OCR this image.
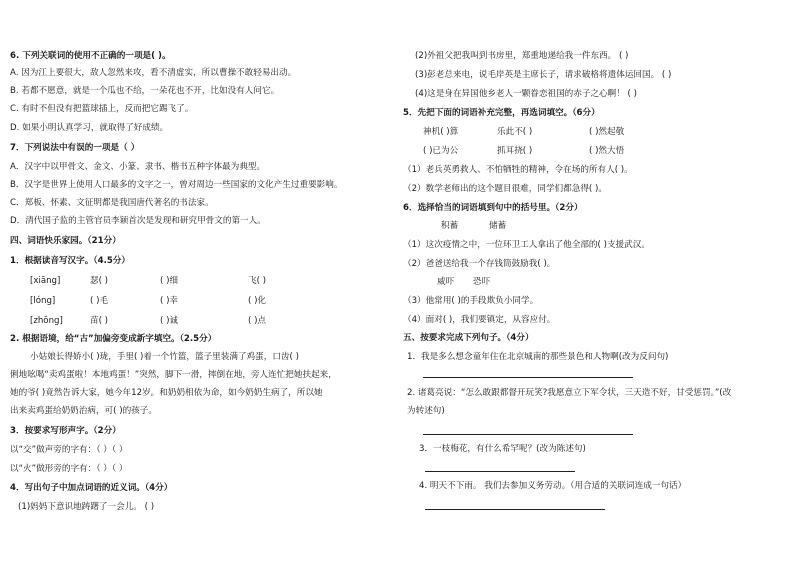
6. 下列关联词的使用不正确的一项是( )。
A. 因为江上要很大，敌人忽然来攻，看不清虚实，所以曹操不敢轻易出动。
B. 若都不愿意，就是一个瓜也不给，一朵花也不开，比如没有人问它。
C. 有时不但没有把篮球插上，反而把它踢飞了。
D. 如果小明认真学习，就取得了好成绩。
7．下列说法中有误的一项是（ ）
A．汉字中以甲骨文、金文、小篆、隶书、楷书五种字体最为典型。
B．汉字是世界上使用人口最多的文字之一，曾对周边一些国家的文化产生过重要影响。
C．郑板、怀素、文征明都是我国唐代著名的书法家。
D．清代国子监的主管官员李颖首次是发现和研究甲骨文的第一人。
四、词语快乐家园。（21分）
1．根据读音写汉字。（4.5分）
[xiāng]	瑟( )	( )细	飞( )
[lóng]	( )毛	( )幸	( )化
[zhōng]	苗( )	( )诚	( )点
2. 根据语境，给“古”加偏旁变成新字填空。（2.5分）
小姑娘长得娇小( )珑，手里( )着一个竹篮，篮子里装满了鸡蛋，口齿( )
俐地吆喝“卖鸡蛋啦！本地鸡蛋！”突然，脚下一滑，摔倒在地，旁人连忙把她扶起来，
她的爷( )竟然告诉大家，她今年12岁。和奶奶相依为命，如今奶奶生病了，所以她
出来卖鸡蛋给奶奶治病，可( )的孩子。
3．按要求写形声字。（2分）
以“交”做声旁的字有：（ ）（ ）
以“火”做形旁的字有：（ ）（ ）
4．写出句子中加点词语的近义词。（4分）
(1)妈妈下意识地踌躇了一会儿。 ( )
(2)外祖父把我叫到书房里，郑重地递给我一件东西。 ( )
(3)彭老总来电，说毛岸英是主席长子，请求破格将遗体运回国。 ( )
(4)这是身在异国他乡老人一颗眷恋祖国的赤子之心啊！ ( )
5．先把下面的词语补充完整，再选词填空。（6分）
神机( )算	乐此不( )	( )然起敬
( )已为公	抓耳挠( )	( )然大悟
（1）老兵英勇救人、不怕牺牲的精神，令在场的所有人( )。
（2）数学老师出的这个题目很难，同学们都急得( )。
6．选择恰当的词语填到句中的括号里。（2分）
积蓄	储蓄
（1）这次疫情之中，一位环卫工人拿出了他全部的( )支援武汉。
（2）爸爸送给我一个存钱筒鼓励我( )。
威吓 恐吓
（3）他常用( )的手段欺负小同学。
（4）面对( )，我们要镇定，从容应付。
五、按要求完成下列句子。（4分）
1．我是多么想念童年住在北京城南的那些景色和人物啊(改为反问句)
2. 诸葛亮说：“怎么敢跟都督开玩笑?我愿意立下军令状，三天造不好，甘受惩罚。”(改
为转述句)
3．一枝梅花，有什么希罕呢？(改为陈述句)
4. 明天不下雨。 我们去参加义务劳动。（用合适的关联词连成一句话）
